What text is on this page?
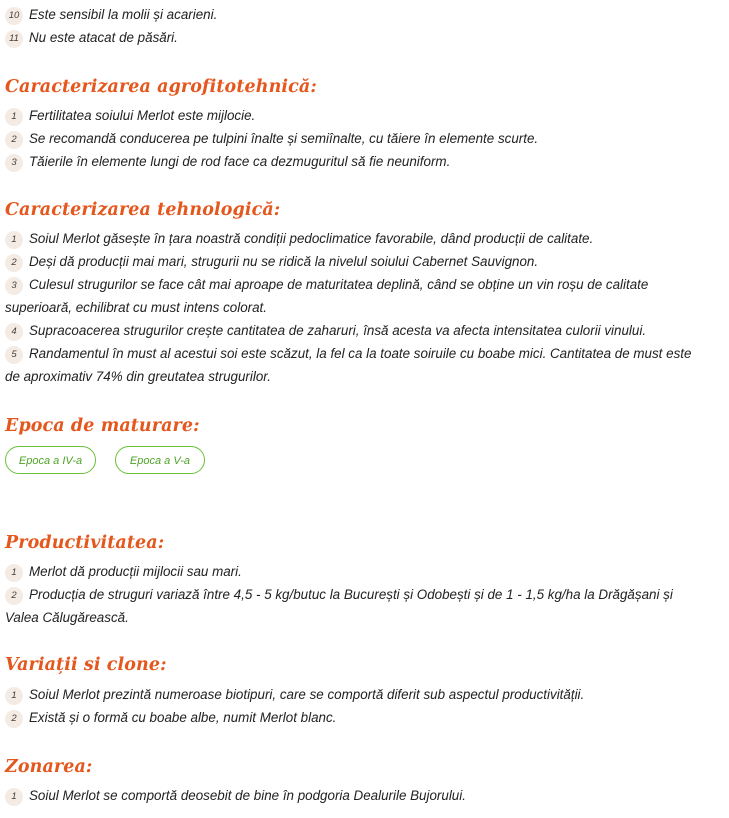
10 Este sensibil la molii și acarieni.
11 Nu este atacat de păsări.
Caracterizarea agrofitotehnică:
1 Fertilitatea soiului Merlot este mijlocie.
2 Se recomandă conducerea pe tulpini înalte și semiînalte, cu tăiere în elemente scurte.
3 Tăierile în elemente lungi de rod face ca dezmuguritul să fie neuniform.
Caracterizarea tehnologică:
1 Soiul Merlot găsește în țara noastră condiții pedoclimatice favorabile, dând producții de calitate.
2 Deși dă producții mai mari, strugurii nu se ridică la nivelul soiului Cabernet Sauvignon.
3 Culesul strugurilor se face cât mai aproape de maturitatea deplină, când se obține un vin roșu de calitate superioară, echilibrat cu must intens colorat.
4 Supracoacerea strugurilor crește cantitatea de zaharuri, însă acesta va afecta intensitatea culorii vinului.
5 Randamentul în must al acestui soi este scăzut, la fel ca la toate soiruile cu boabe mici. Cantitatea de must este de aproximativ 74% din greutatea strugurilor.
Epoca de maturare:
Epoca a IV-a	Epoca a V-a
Productivitatea:
1 Merlot dă producții mijlocii sau mari.
2 Producția de struguri variază între 4,5 - 5 kg/butuc la București și Odobești și de 1 - 1,5 kg/ha la Drăgășani și Valea Călugărească.
Variații si clone:
1 Soiul Merlot prezintă numeroase biotipuri, care se comportă diferit sub aspectul productivității.
2 Există și o formă cu boabe albe, numit Merlot blanc.
Zonarea:
1 Soiul Merlot se comportă deosebit de bine în podgoria Dealurile Bujorului.
